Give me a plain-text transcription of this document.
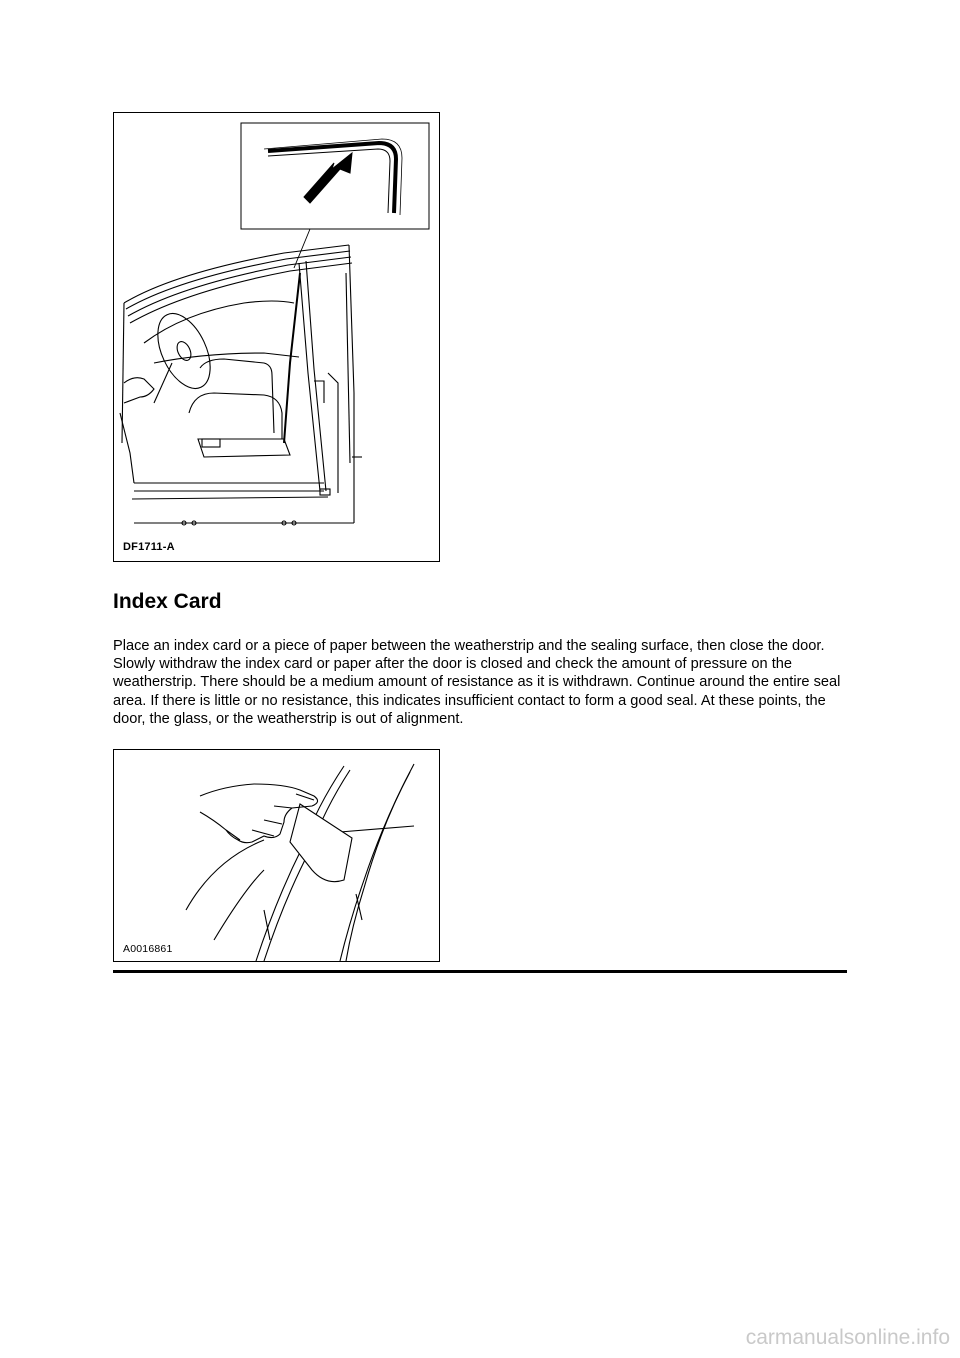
DF1711-A
Index Card

Place an index card or a piece of paper between the weatherstrip and the sealing surface, then close the door. Slowly withdraw the index card or paper after the door is closed and check the amount of pressure on the weatherstrip. There should be a medium amount of resistance as it is withdrawn. Continue around the entire seal area. If there is little or no resistance, this indicates insufficient contact to form a good seal. At these points, the door, the glass, or the weatherstrip is out of alignment.

A0016861
carmanualsonline.info
